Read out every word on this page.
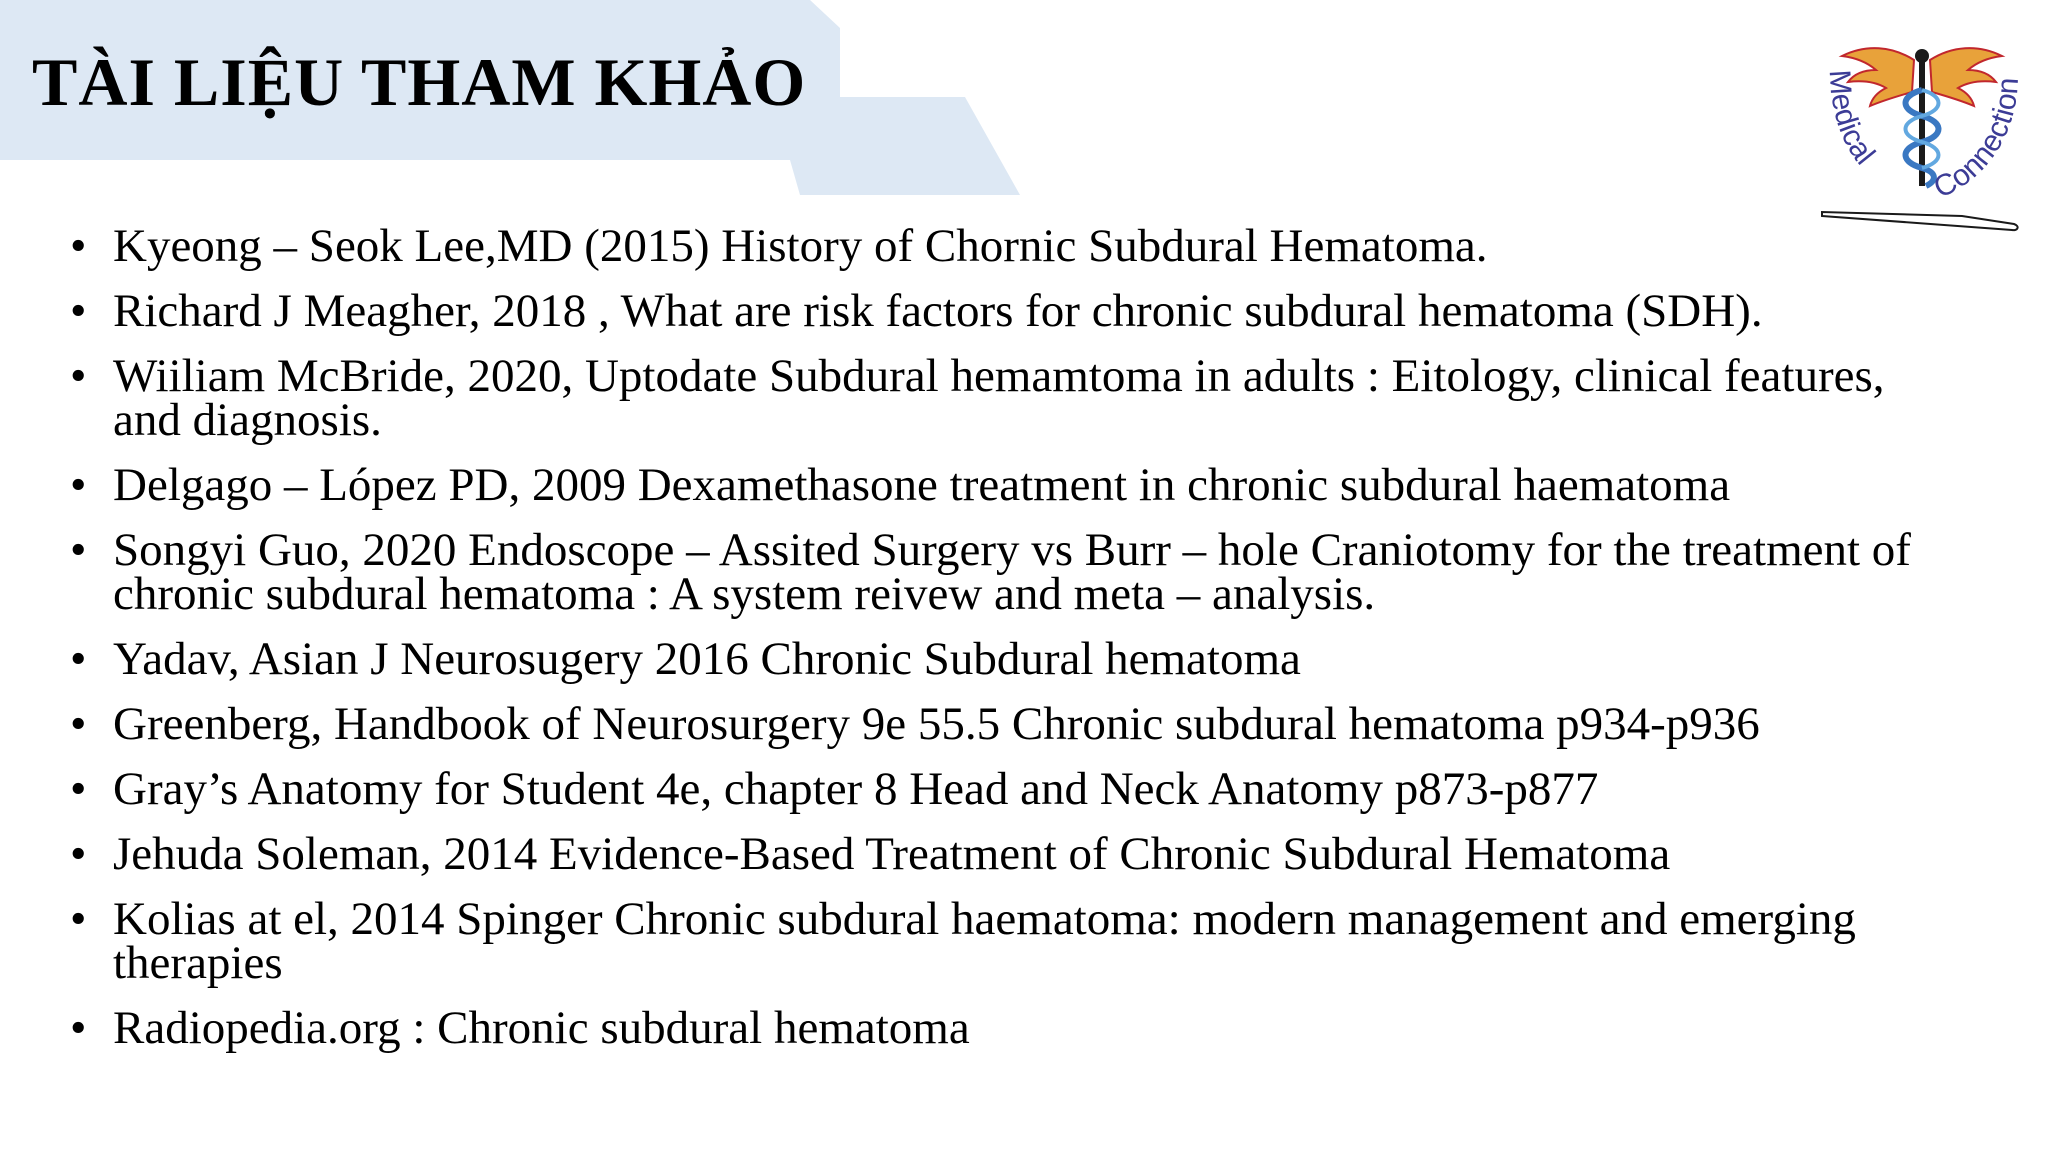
TÀI LIỆU THAM KHẢO	Medical
Connection
• Kyeong – Seok Lee,MD (2015) History of Chornic Subdural Hematoma.
• Richard J Meagher, 2018 , What are risk factors for chronic subdural hematoma (SDH).
• Wiiliam McBride, 2020, Uptodate Subdural hemamtoma in adults : Eitology, clinical features, and diagnosis.
• Delgago – López PD, 2009 Dexamethasone treatment in chronic subdural haematoma
• Songyi Guo, 2020 Endoscope – Assited Surgery vs Burr – hole Craniotomy for the treatment of chronic subdural hematoma : A system reivew and meta – analysis.
• Yadav, Asian J Neurosugery 2016 Chronic Subdural hematoma
• Greenberg, Handbook of Neurosurgery 9e 55.5 Chronic subdural hematoma p934-p936
• Gray’s Anatomy for Student 4e, chapter 8 Head and Neck Anatomy p873-p877
• Jehuda Soleman, 2014 Evidence-Based Treatment of Chronic Subdural Hematoma
• Kolias at el, 2014 Spinger Chronic subdural haematoma: modern management and emerging therapies
• Radiopedia.org : Chronic subdural hematoma
